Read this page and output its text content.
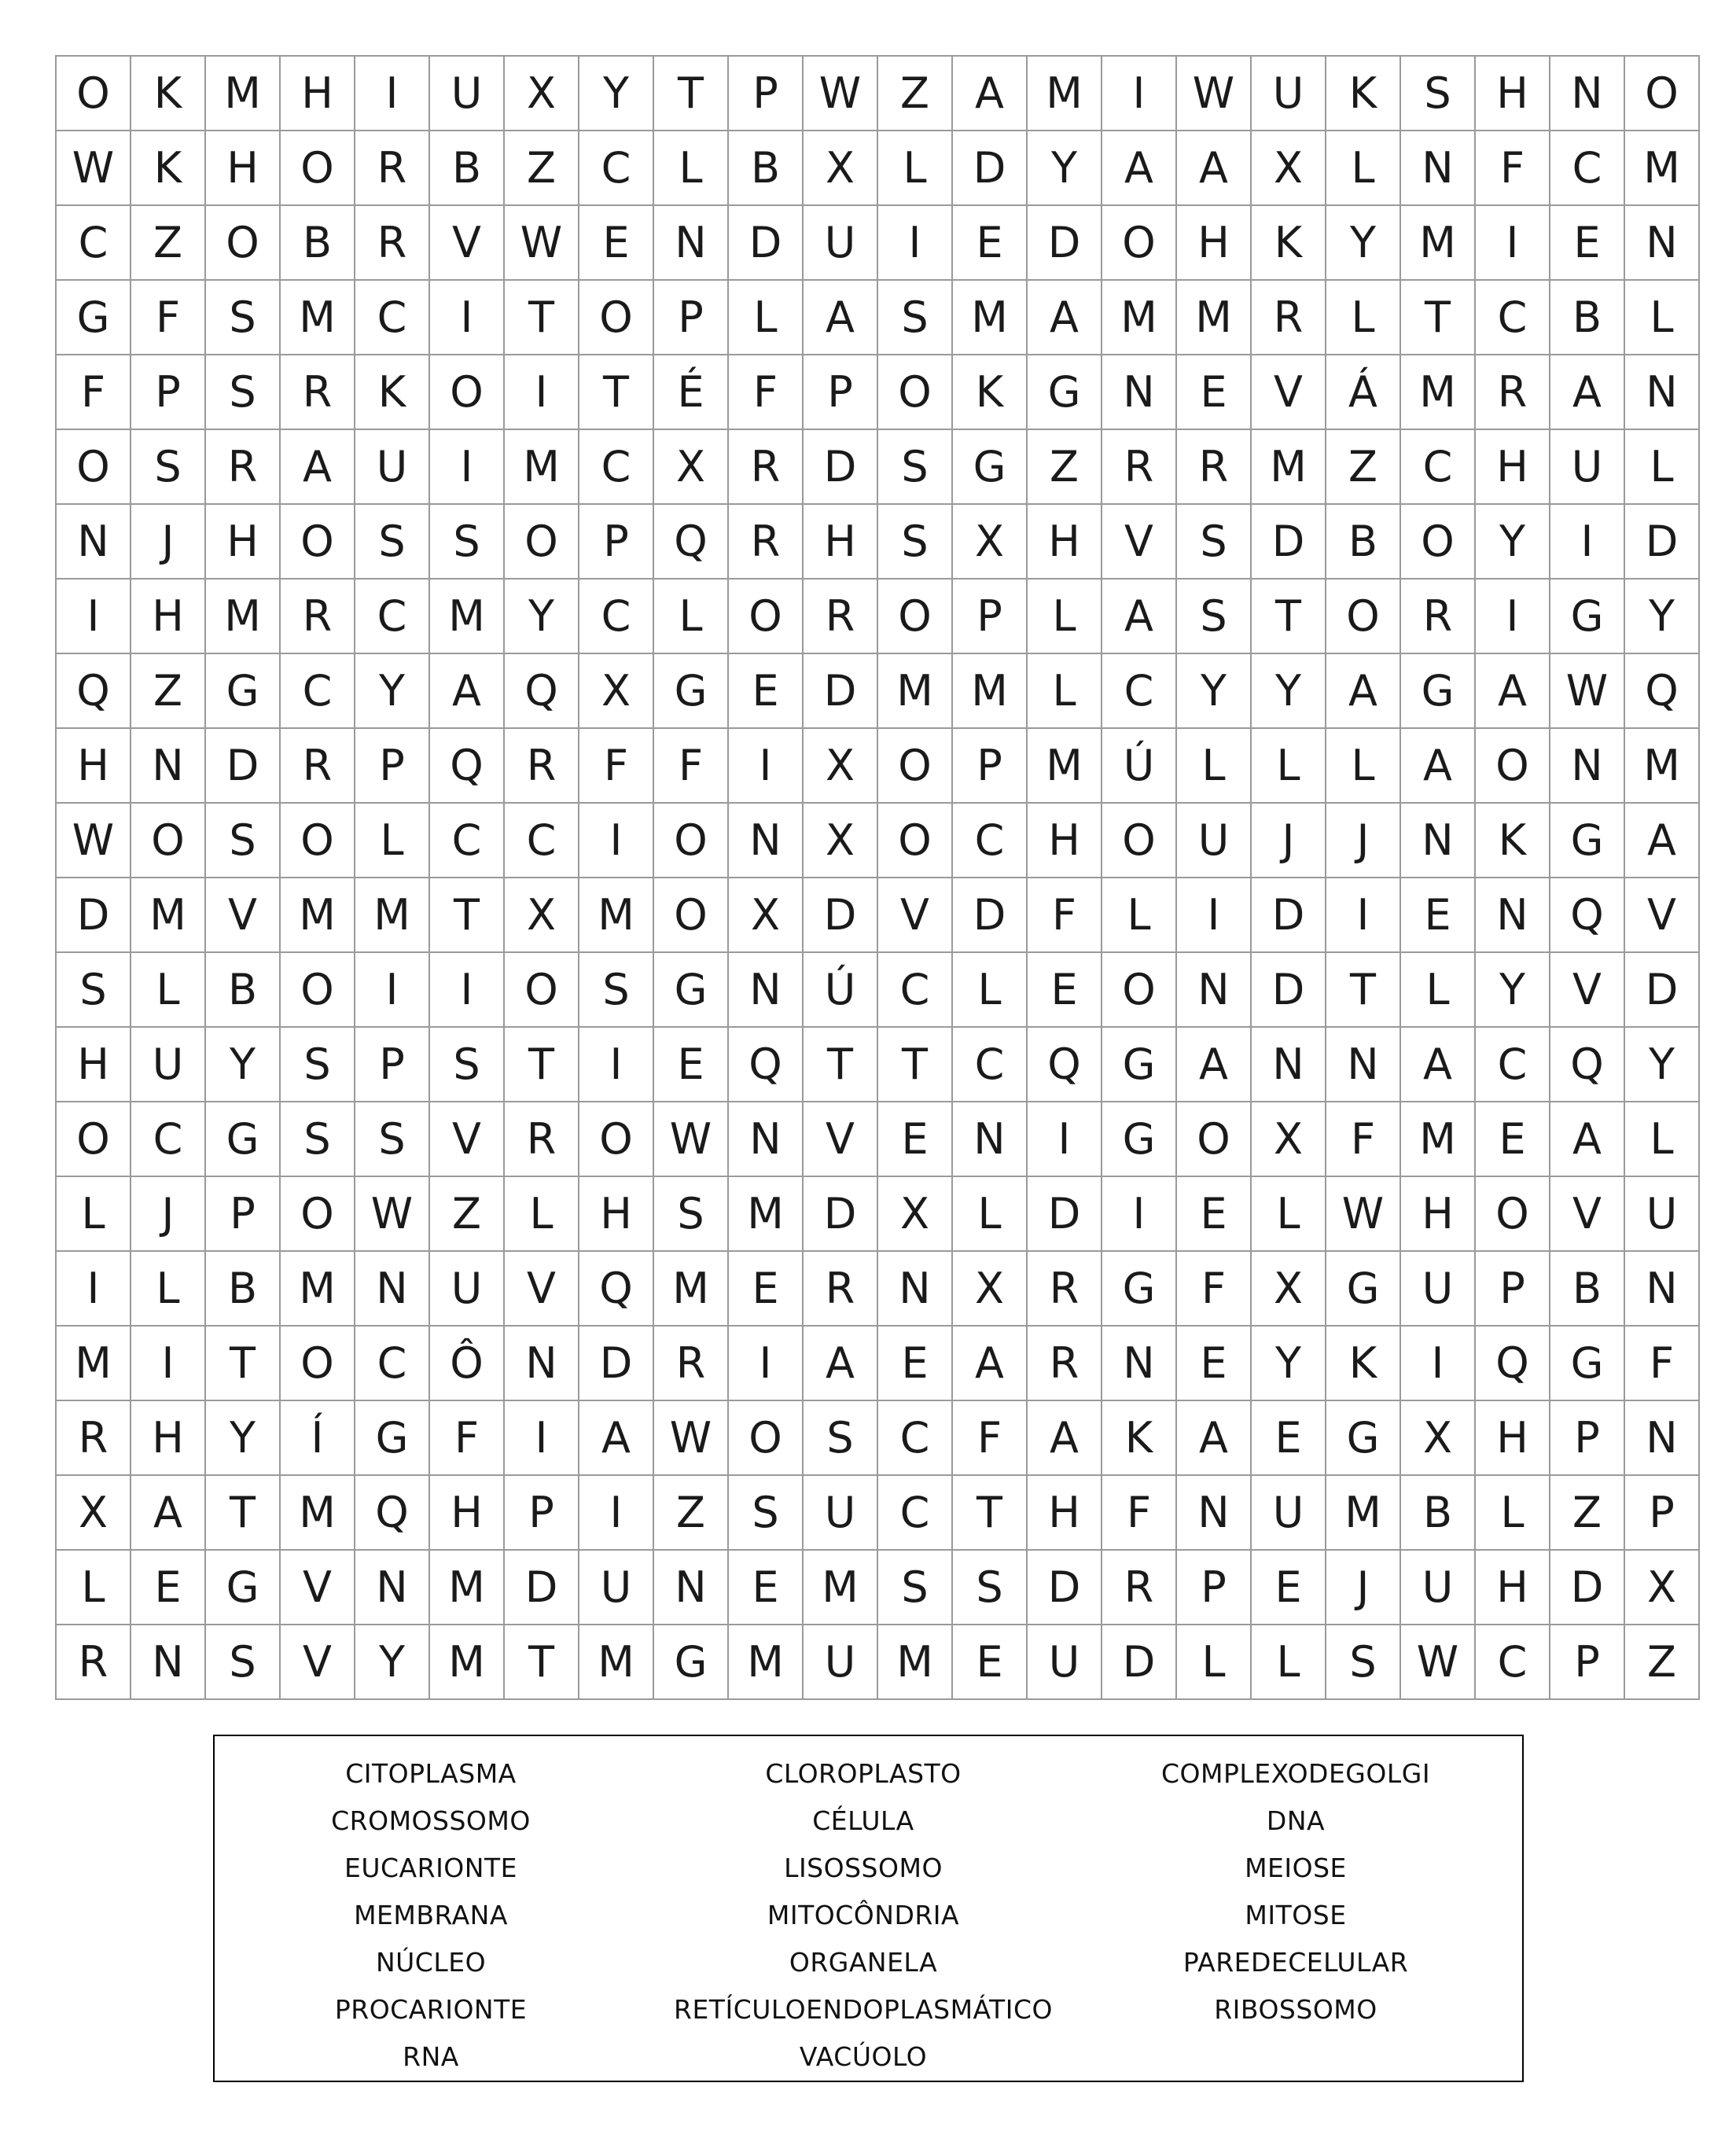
O	K	M	H	I	U	X	Y	T	P	W	Z	A	M	I	W	U	K	S	H	N	O
W	K	H	O	R	B	Z	C	L	B	X	L	D	Y	A	A	X	L	N	F	C	M
C	Z	O	B	R	V	W	E	N	D	U	I	E	D	O	H	K	Y	M	I	E	N
G	F	S	M	C	I	T	O	P	L	A	S	M	A	M	M	R	L	T	C	B	L
F	P	S	R	K	O	I	T	É	F	P	O	K	G	N	E	V	Á	M	R	A	N
O	S	R	A	U	I	M	C	X	R	D	S	G	Z	R	R	M	Z	C	H	U	L
N	J	H	O	S	S	O	P	Q	R	H	S	X	H	V	S	D	B	O	Y	I	D
I	H	M	R	C	M	Y	C	L	O	R	O	P	L	A	S	T	O	R	I	G	Y
Q	Z	G	C	Y	A	Q	X	G	E	D	M	M	L	C	Y	Y	A	G	A	W	Q
H	N	D	R	P	Q	R	F	F	I	X	O	P	M	Ú	L	L	L	A	O	N	M
W	O	S	O	L	C	C	I	O	N	X	O	C	H	O	U	J	J	N	K	G	A
D	M	V	M	M	T	X	M	O	X	D	V	D	F	L	I	D	I	E	N	Q	V
S	L	B	O	I	I	O	S	G	N	Ú	C	L	E	O	N	D	T	L	Y	V	D
H	U	Y	S	P	S	T	I	E	Q	T	T	C	Q	G	A	N	N	A	C	Q	Y
O	C	G	S	S	V	R	O	W	N	V	E	N	I	G	O	X	F	M	E	A	L
L	J	P	O	W	Z	L	H	S	M	D	X	L	D	I	E	L	W	H	O	V	U
I	L	B	M	N	U	V	Q	M	E	R	N	X	R	G	F	X	G	U	P	B	N
M	I	T	O	C	Ô	N	D	R	I	A	E	A	R	N	E	Y	K	I	Q	G	F
R	H	Y	Í	G	F	I	A	W	O	S	C	F	A	K	A	E	G	X	H	P	N
X	A	T	M	Q	H	P	I	Z	S	U	C	T	H	F	N	U	M	B	L	Z	P
L	E	G	V	N	M	D	U	N	E	M	S	S	D	R	P	E	J	U	H	D	X
R	N	S	V	Y	M	T	M	G	M	U	M	E	U	D	L	L	S	W	C	P	Z
CITOPLASMA	CLOROPLASTO	COMPLEXODEGOLGI
CROMOSSOMO	CÉLULA	DNA
EUCARIONTE	LISOSSOMO	MEIOSE
MEMBRANA	MITOCÔNDRIA	MITOSE
NÚCLEO	ORGANELA	PAREDECELULAR
PROCARIONTE	RETÍCULOENDOPLASMÁTICO	RIBOSSOMO
RNA	VACÚOLO
